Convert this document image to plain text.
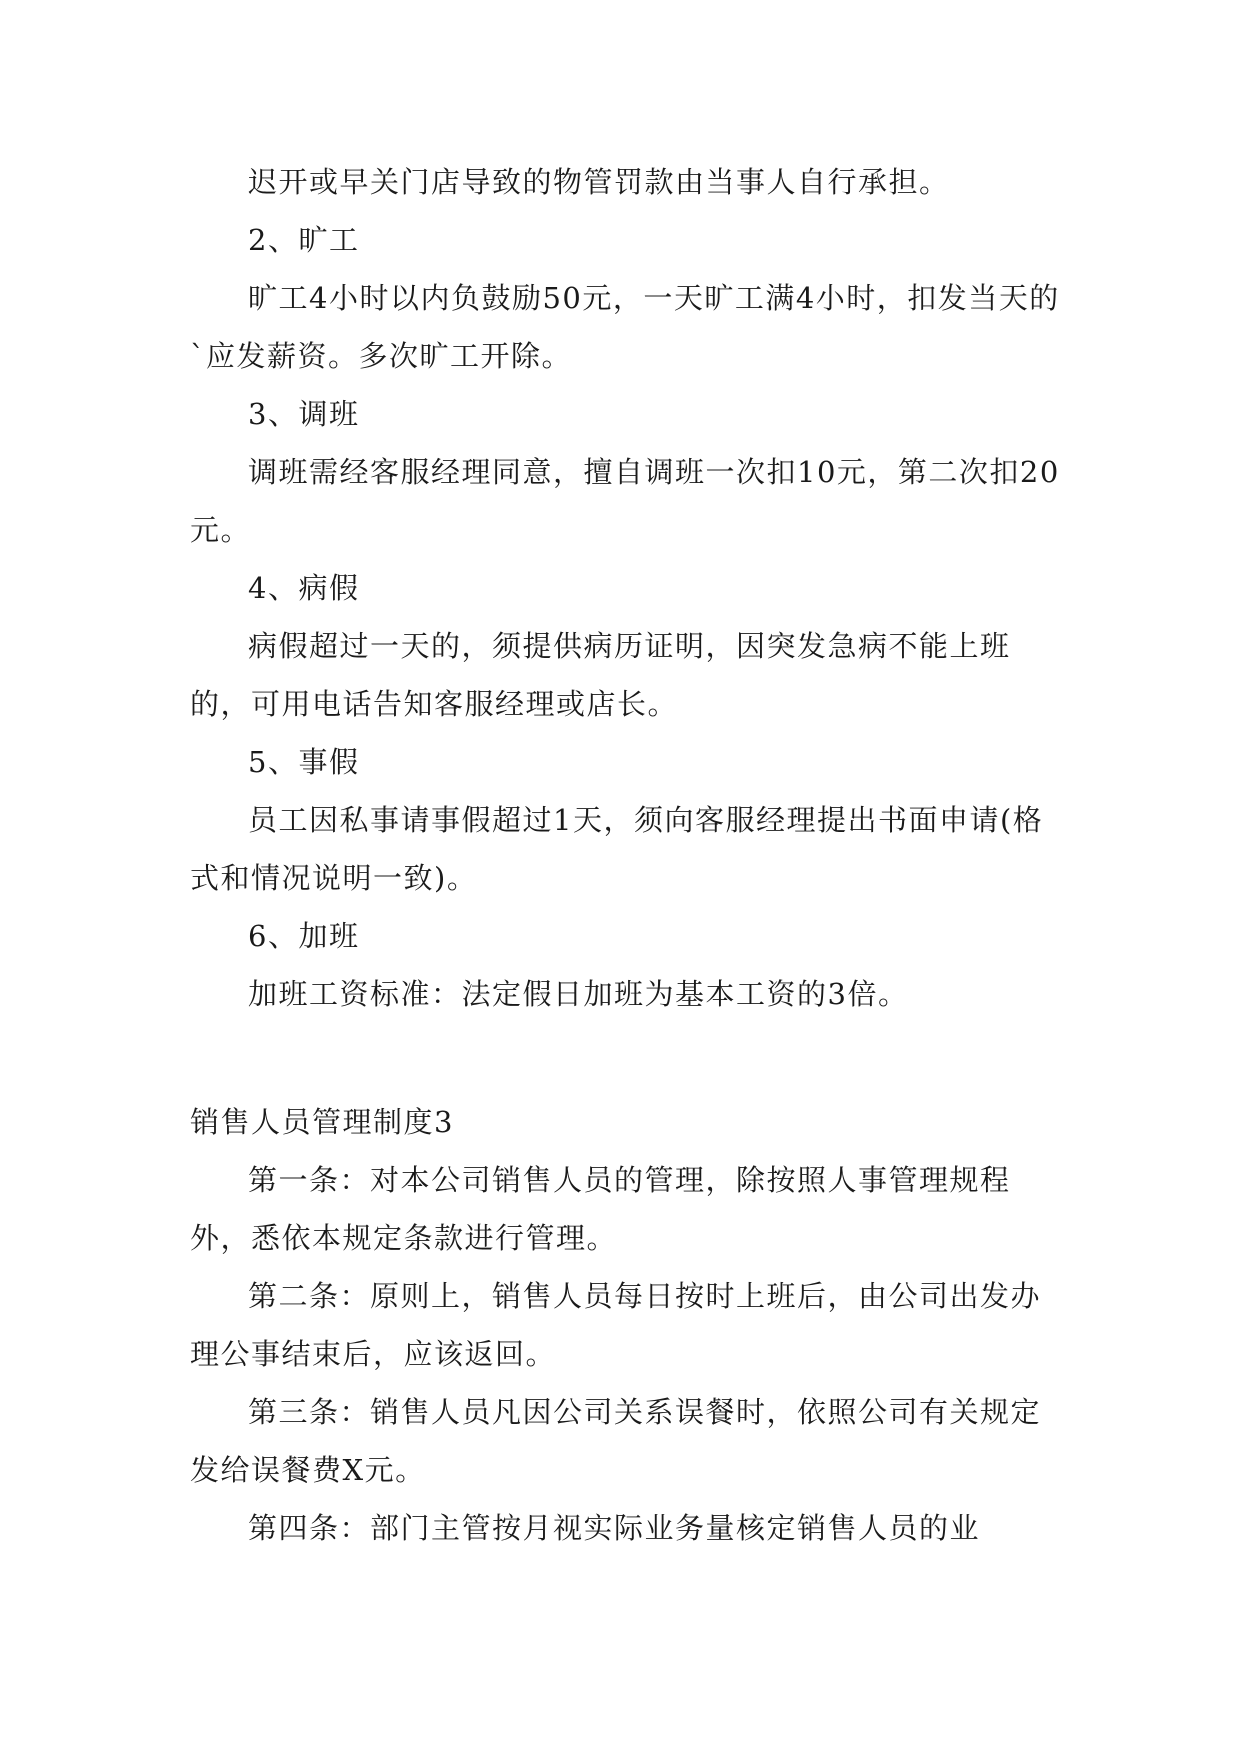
迟开或早关门店导致的物管罚款由当事人自行承担。

2、旷工

旷工4小时以内负鼓励50元，一天旷工满4小时，扣发当天的`应发薪资。多次旷工开除。

3、调班

调班需经客服经理同意，擅自调班一次扣10元，第二次扣20元。

4、病假

病假超过一天的，须提供病历证明，因突发急病不能上班的，可用电话告知客服经理或店长。

5、事假

员工因私事请事假超过1天，须向客服经理提出书面申请(格式和情况说明一致)。

6、加班

加班工资标准：法定假日加班为基本工资的3倍。

销售人员管理制度3

第一条：对本公司销售人员的管理，除按照人事管理规程外，悉依本规定条款进行管理。

第二条：原则上，销售人员每日按时上班后，由公司出发办理公事结束后，应该返回。

第三条：销售人员凡因公司关系误餐时，依照公司有关规定发给误餐费X元。

第四条：部门主管按月视实际业务量核定销售人员的业
